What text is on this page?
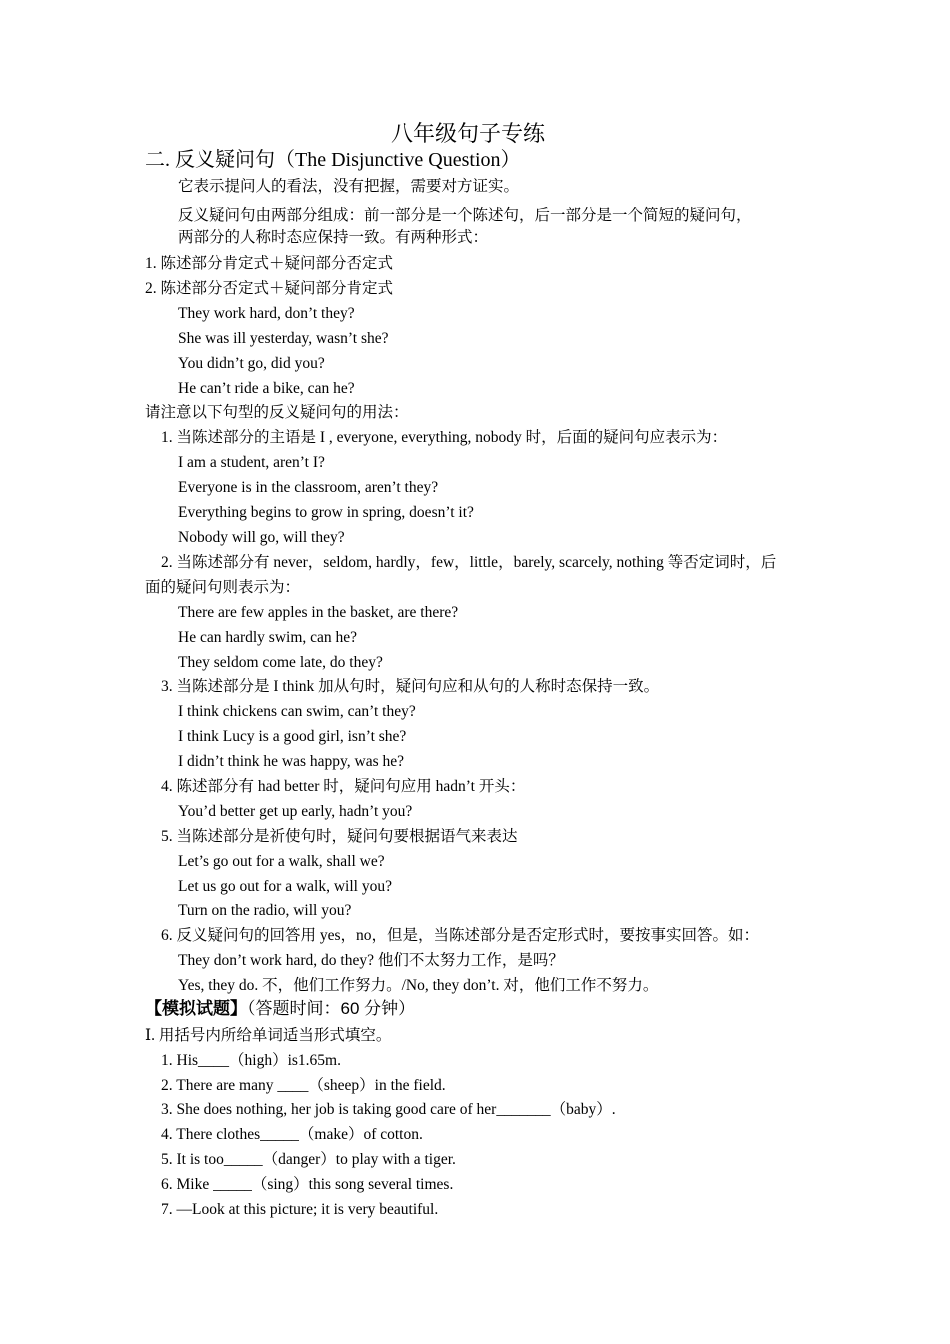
八年级句子专练
二. 反义疑问句（The Disjunctive Question）
它表示提问人的看法，没有把握，需要对方证实。
反义疑问句由两部分组成：前一部分是一个陈述句，后一部分是一个简短的疑问句，
两部分的人称时态应保持一致。有两种形式：
1. 陈述部分肯定式＋疑问部分否定式
2. 陈述部分否定式＋疑问部分肯定式
They work hard, don’t they?
She was ill yesterday, wasn’t she?
You didn’t go, did you?
He can’t ride a bike, can he?
请注意以下句型的反义疑问句的用法：
1. 当陈述部分的主语是 I , everyone, everything, nobody 时，后面的疑问句应表示为：
I am a student, aren’t I?
Everyone is in the classroom, aren’t they?
Everything begins to grow in spring, doesn’t it?
Nobody will go, will they?
2. 当陈述部分有 never，seldom, hardly，few，little，barely, scarcely, nothing 等否定词时，后
面的疑问句则表示为：
There are few apples in the basket, are there?
He can hardly swim, can he?
They seldom come late, do they?
3. 当陈述部分是 I think 加从句时，疑问句应和从句的人称时态保持一致。
I think chickens can swim, can’t they?
I think Lucy is a good girl, isn’t she?
I didn’t think he was happy, was he?
4. 陈述部分有 had better 时，疑问句应用 hadn’t 开头：
You’d better get up early, hadn’t you?
5. 当陈述部分是祈使句时，疑问句要根据语气来表达
Let’s go out for a walk, shall we?
Let us go out for a walk, will you?
Turn on the radio, will you?
6. 反义疑问句的回答用 yes，no，但是，当陈述部分是否定形式时，要按事实回答。如：
They don’t work hard, do they? 他们不太努力工作，是吗？
Yes, they do. 不，他们工作努力。/No, they don’t. 对，他们工作不努力。
【模拟试题】（答题时间：60 分钟）
Ⅰ. 用括号内所给单词适当形式填空。
1. His____（high）is1.65m.
2. There are many ____（sheep）in the field.
3. She does nothing, her job is taking good care of her_______（baby）.
4. There clothes_____（make）of cotton.
5. It is too_____（danger）to play with a tiger.
6. Mike _____（sing）this song several times.
7. —Look at this picture; it is very beautiful.
